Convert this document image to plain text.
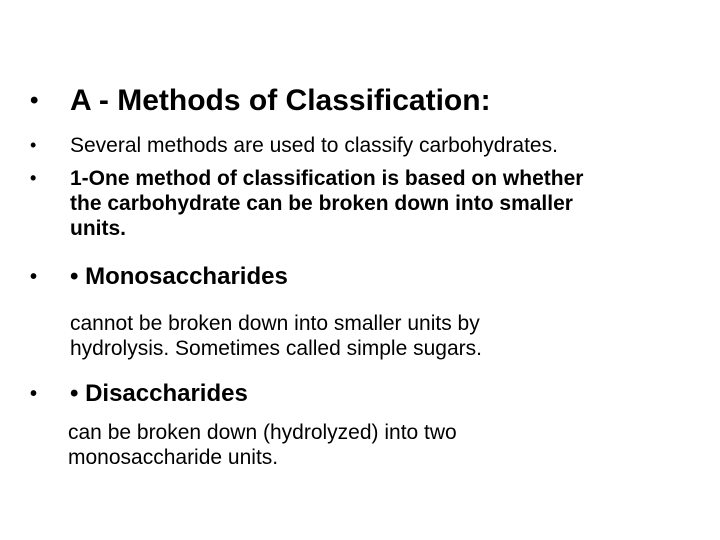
• A - Methods of Classification:
• Several methods are used to classify carbohydrates.
• 1-One method of classification is based on whether
the carbohydrate can be broken down into smaller
units.
• • Monosaccharides
cannot be broken down into smaller units by
hydrolysis. Sometimes called simple sugars.
• • Disaccharides
can be broken down (hydrolyzed) into two
monosaccharide units.
